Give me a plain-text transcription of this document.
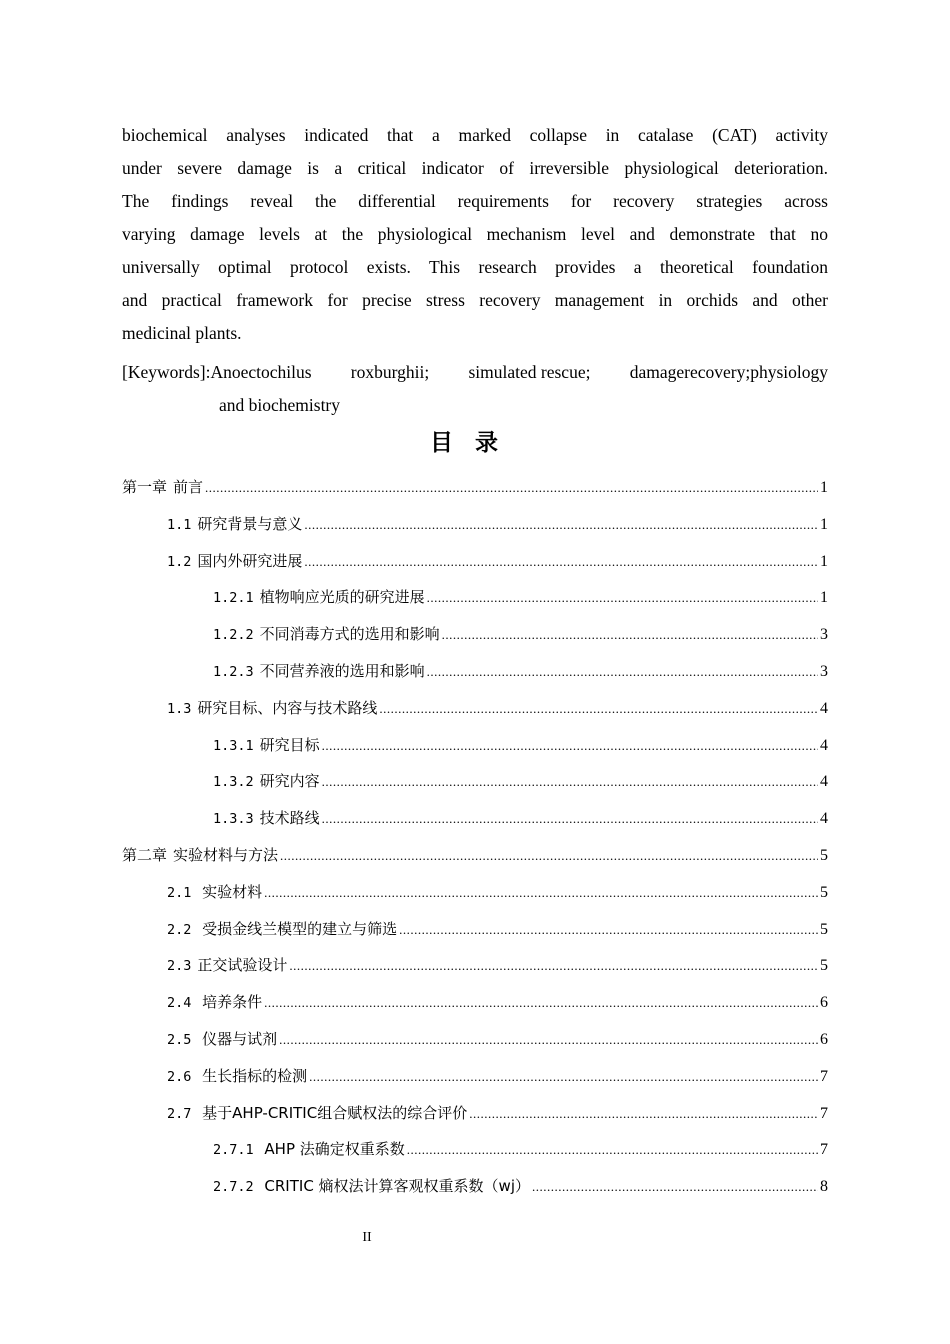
biochemical analyses indicated that a marked collapse in catalase (CAT) activity
under severe damage is a critical indicator of irreversible physiological deterioration.
The findings reveal the differential requirements for recovery strategies across
varying damage levels at the physiological mechanism level and demonstrate that no
universally optimal protocol exists. This research provides a theoretical foundation
and practical framework for precise stress recovery management in orchids and other
medicinal plants.
[Keywords]:Anoectochilus roxburghii; simulated rescue; damagerecovery;physiology
and biochemistry
目录
第一章 前言 .....	1
1.1 研究背景与意义 .....	1
1.2 国内外研究进展 .....	1
1.2.1 植物响应光质的研究进展 .....	1
1.2.2 不同消毒方式的选用和影响 .....	3
1.2.3 不同营养液的选用和影响 .....	3
1.3 研究目标、内容与技术路线 .....	4
1.3.1 研究目标 .....	4
1.3.2 研究内容 .....	4
1.3.3 技术路线 .....	4
第二章 实验材料与方法 .....	5
2.1 实验材料 .....	5
2.2 受损金线兰模型的建立与筛选 .....	5
2.3 正交试验设计 .....	5
2.4 培养条件 .....	6
2.5 仪器与试剂 .....	6
2.6 生长指标的检测 .....	7
2.7 基于AHP-CRITIC组合赋权法的综合评价 .....	7
2.7.1 AHP 法确定权重系数 .....	7
2.7.2 CRITIC 熵权法计算客观权重系数（wj） .....	8
II
